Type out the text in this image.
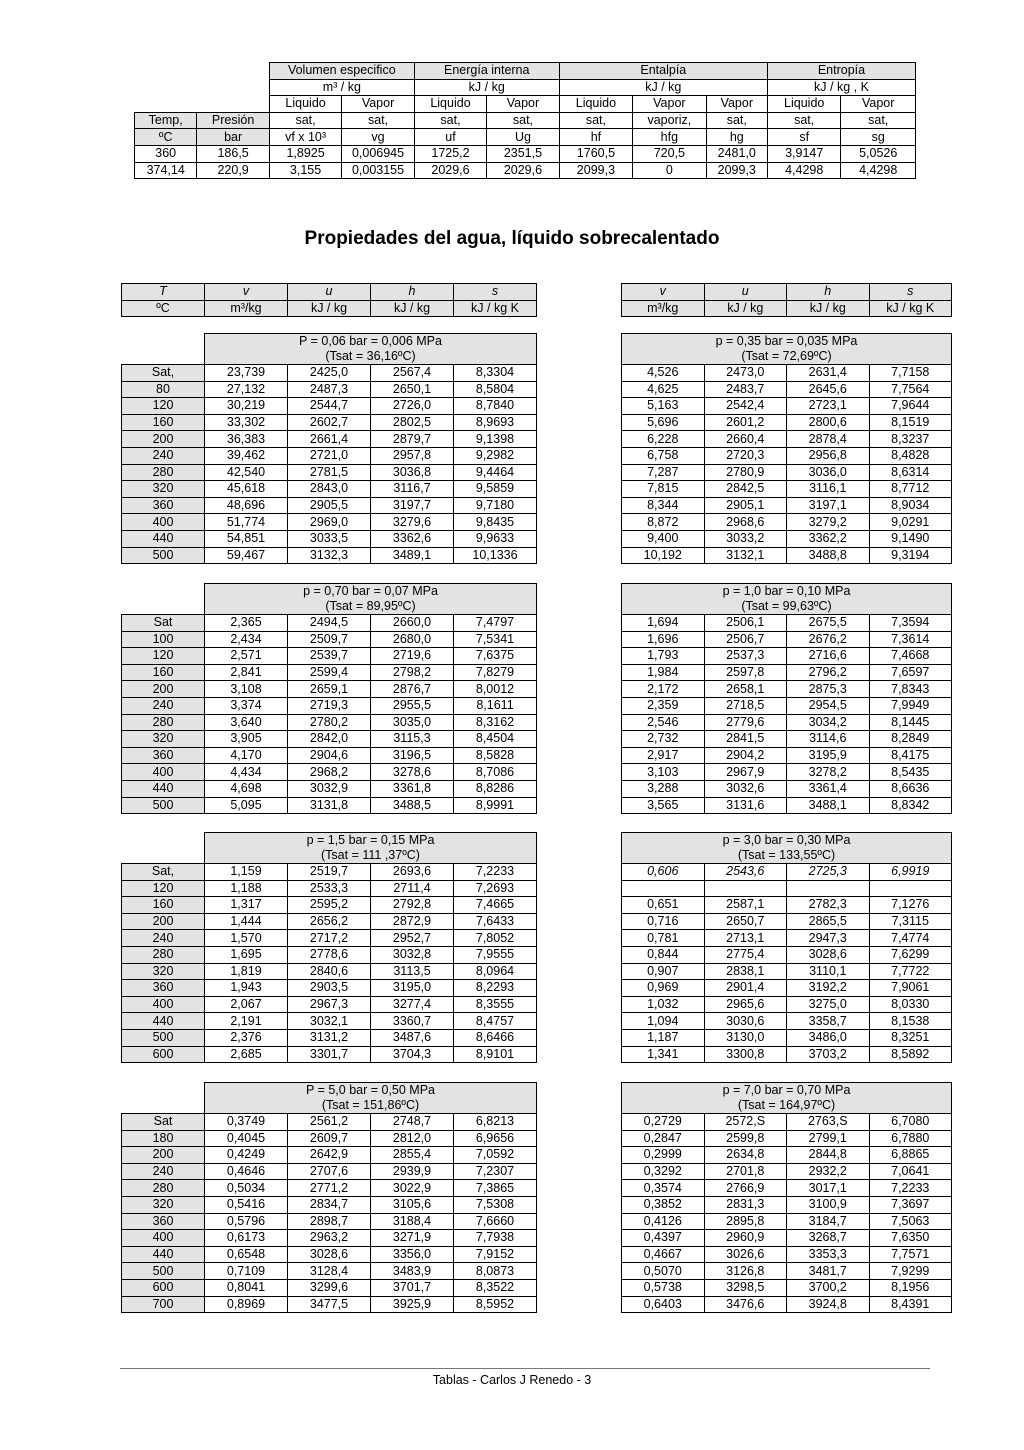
		Volumen especifico		Energía interna		Entalpía			Entropía	
		m³ / kg		kJ / kg		kJ / kg			kJ / kg , K	
		Liquido	Vapor	Liquido	Vapor	Liquido	Vapor	Vapor	Liquido	Vapor
Temp,	Presión	sat,	sat,	sat,	sat,	sat,	vaporiz,	sat,	sat,	sat,
ºC	bar	vf x 10³	vg	uf	Ug	hf	hfg	hg	sf	sg
360	186,5	1,8925	0,006945	1725,2	2351,5	1760,5	720,5	2481,0	3,9147	5,0526
374,14	220,9	3,155	0,003155	2029,6	2029,6	2099,3	0	2099,3	4,4298	4,4298
Propiedades del agua, líquido sobrecalentado
T	v	u	h	s
ºC	m³/kg	kJ / kg	kJ / kg	kJ / kg K
v	u	h	s
m³/kg	kJ / kg	kJ / kg	kJ / kg K

	P = 0,06 bar = 0,006 MPa
(Tsat = 36,16ºC)			

Sat,	23,739	2425,0	2567,4	8,3304
80	27,132	2487,3	2650,1	8,5804
120	30,219	2544,7	2726,0	8,7840
160	33,302	2602,7	2802,5	8,9693
200	36,383	2661,4	2879,7	9,1398
240	39,462	2721,0	2957,8	9,2982
280	42,540	2781,5	3036,8	9,4464
320	45,618	2843,0	3116,7	9,5859
360	48,696	2905,5	3197,7	9,7180
400	51,774	2969,0	3279,6	9,8435
440	54,851	3033,5	3362,6	9,9633
500	59,467	3132,3	3489,1	10,1336
p = 0,35 bar = 0,035 MPa
(Tsat = 72,69ºC)			

4,526	2473,0	2631,4	7,7158
4,625	2483,7	2645,6	7,7564
5,163	2542,4	2723,1	7,9644
5,696	2601,2	2800,6	8,1519
6,228	2660,4	2878,4	8,3237
6,758	2720,3	2956,8	8,4828
7,287	2780,9	3036,0	8,6314
7,815	2842,5	3116,1	8,7712
8,344	2905,1	3197,1	8,9034
8,872	2968,6	3279,2	9,0291
9,400	3033,2	3362,2	9,1490
10,192	3132,1	3488,8	9,3194

	p = 0,70 bar = 0,07 MPa
(Tsat = 89,95ºC)			

Sat	2,365	2494,5	2660,0	7,4797
100	2,434	2509,7	2680,0	7,5341
120	2,571	2539,7	2719,6	7,6375
160	2,841	2599,4	2798,2	7,8279
200	3,108	2659,1	2876,7	8,0012
240	3,374	2719,3	2955,5	8,1611
280	3,640	2780,2	3035,0	8,3162
320	3,905	2842,0	3115,3	8,4504
360	4,170	2904,6	3196,5	8,5828
400	4,434	2968,2	3278,6	8,7086
440	4,698	3032,9	3361,8	8,8286
500	5,095	3131,8	3488,5	8,9991
p = 1,0 bar = 0,10 MPa
(Tsat = 99,63ºC)			

1,694	2506,1	2675,5	7,3594
1,696	2506,7	2676,2	7,3614
1,793	2537,3	2716,6	7,4668
1,984	2597,8	2796,2	7,6597
2,172	2658,1	2875,3	7,8343
2,359	2718,5	2954,5	7,9949
2,546	2779,6	3034,2	8,1445
2,732	2841,5	3114,6	8,2849
2,917	2904,2	3195,9	8,4175
3,103	2967,9	3278,2	8,5435
3,288	3032,6	3361,4	8,6636
3,565	3131,6	3488,1	8,8342

	p = 1,5 bar = 0,15 MPa
(Tsat = 111 ,37ºC)			

Sat,	1,159	2519,7	2693,6	7,2233
120	1,188	2533,3	2711,4	7,2693
160	1,317	2595,2	2792,8	7,4665
200	1,444	2656,2	2872,9	7,6433
240	1,570	2717,2	2952,7	7,8052
280	1,695	2778,6	3032,8	7,9555
320	1,819	2840,6	3113,5	8,0964
360	1,943	2903,5	3195,0	8,2293
400	2,067	2967,3	3277,4	8,3555
440	2,191	3032,1	3360,7	8,4757
500	2,376	3131,2	3487,6	8,6466
600	2,685	3301,7	3704,3	8,9101
p = 3,0 bar = 0,30 MPa
(Tsat = 133,55ºC)			

0,606	2543,6	2725,3	6,9919

0,651	2587,1	2782,3	7,1276
0,716	2650,7	2865,5	7,3115
0,781	2713,1	2947,3	7,4774
0,844	2775,4	3028,6	7,6299
0,907	2838,1	3110,1	7,7722
0,969	2901,4	3192,2	7,9061
1,032	2965,6	3275,0	8,0330
1,094	3030,6	3358,7	8,1538
1,187	3130,0	3486,0	8,3251
1,341	3300,8	3703,2	8,5892

	P = 5,0 bar = 0,50 MPa
(Tsat = 151,86ºC)			

Sat	0,3749	2561,2	2748,7	6,8213
180	0,4045	2609,7	2812,0	6,9656
200	0,4249	2642,9	2855,4	7,0592
240	0,4646	2707,6	2939,9	7,2307
280	0,5034	2771,2	3022,9	7,3865
320	0,5416	2834,7	3105,6	7,5308
360	0,5796	2898,7	3188,4	7,6660
400	0,6173	2963,2	3271,9	7,7938
440	0,6548	3028,6	3356,0	7,9152
500	0,7109	3128,4	3483,9	8,0873
600	0,8041	3299,6	3701,7	8,3522
700	0,8969	3477,5	3925,9	8,5952
p = 7,0 bar = 0,70 MPa
(Tsat = 164,97ºC)			

0,2729	2572,S	2763,S	6,7080
0,2847	2599,8	2799,1	6,7880
0,2999	2634,8	2844,8	6,8865
0,3292	2701,8	2932,2	7,0641
0,3574	2766,9	3017,1	7,2233
0,3852	2831,3	3100,9	7,3697
0,4126	2895,8	3184,7	7,5063
0,4397	2960,9	3268,7	7,6350
0,4667	3026,6	3353,3	7,7571
0,5070	3126,8	3481,7	7,9299
0,5738	3298,5	3700,2	8,1956
0,6403	3476,6	3924,8	8,4391
Tablas - Carlos J Renedo - 3
